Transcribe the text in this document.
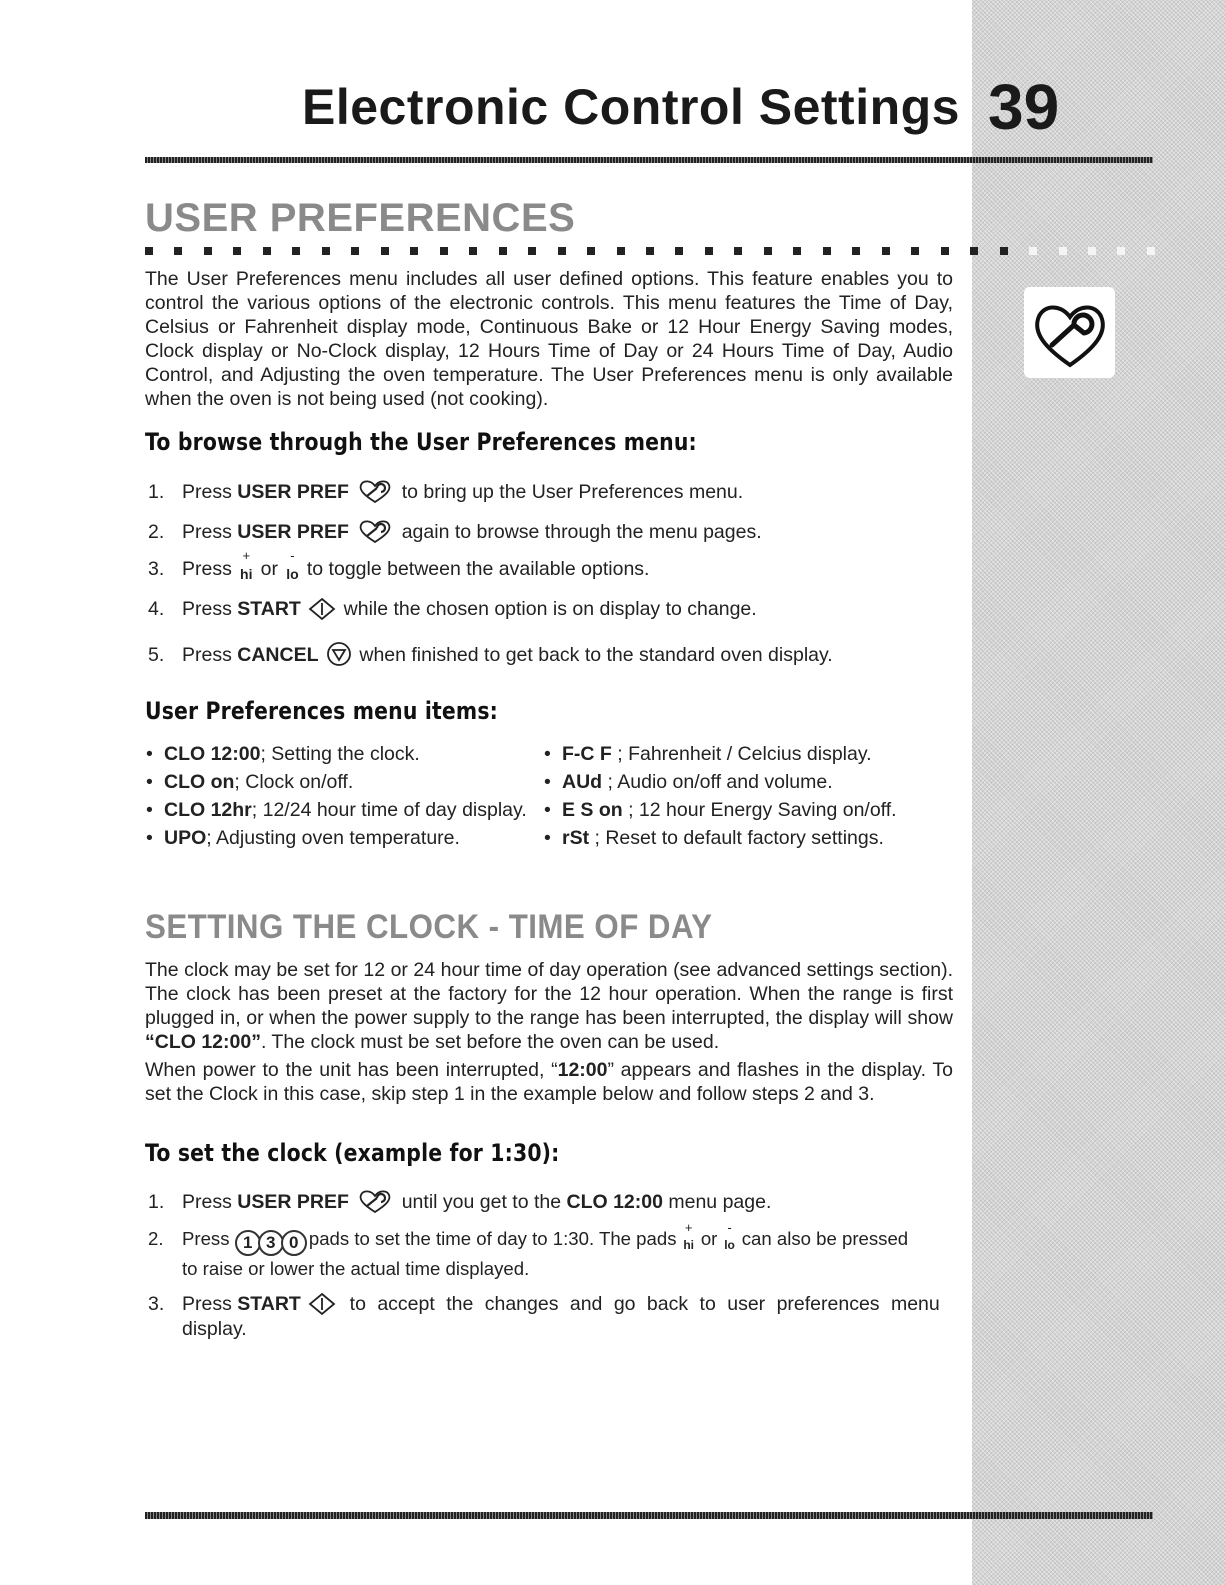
Electronic Control Settings 39
USER PREFERENCES
The User Preferences menu includes all user defined options. This feature enables you to control the various options of the electronic controls. This menu features the Time of Day, Celsius or Fahrenheit display mode, Continuous Bake or 12 Hour Energy Saving modes, Clock display or No-Clock display, 12 Hours Time of Day or 24 Hours Time of Day, Audio Control, and Adjusting the oven temperature. The User Preferences menu is only available when the oven is not being used (not cooking).
To browse through the User Preferences menu:
1. Press USER PREF  to bring up the User Preferences menu.
2. Press USER PREF  again to browse through the menu pages.
3. Press + hi or - lo to toggle between the available options.
4. Press START  while the chosen option is on display to change.
5. Press CANCEL  when finished to get back to the standard oven display.
User Preferences menu items:
• CLO 12:00; Setting the clock.
• CLO on; Clock on/off.
• CLO 12hr; 12/24 hour time of day display.
• UPO; Adjusting oven temperature.
• F-C F ; Fahrenheit / Celcius display.
• AUd ; Audio on/off and volume.
• E S on ; 12 hour Energy Saving on/off.
• rSt ; Reset to default factory settings.
SETTING THE CLOCK - TIME OF DAY
The clock may be set for 12 or 24 hour time of day operation (see advanced settings section). The clock has been preset at the factory for the 12 hour operation. When the range is first plugged in, or when the power supply to the range has been interrupted, the display will show “CLO 12:00”. The clock must be set before the oven can be used.
When power to the unit has been interrupted, “12:00” appears and flashes in the display. To set the Clock in this case, skip step 1 in the example below and follow steps 2 and 3.
To set the clock (example for 1:30):
1. Press USER PREF  until you get to the CLO 12:00 menu page.
2. Press 1 3 0 pads to set the time of day to 1:30. The pads + hi or - lo can also be pressed
to raise or lower the actual time displayed.
3. Press START  to accept the changes and go back to user preferences menu
display.
